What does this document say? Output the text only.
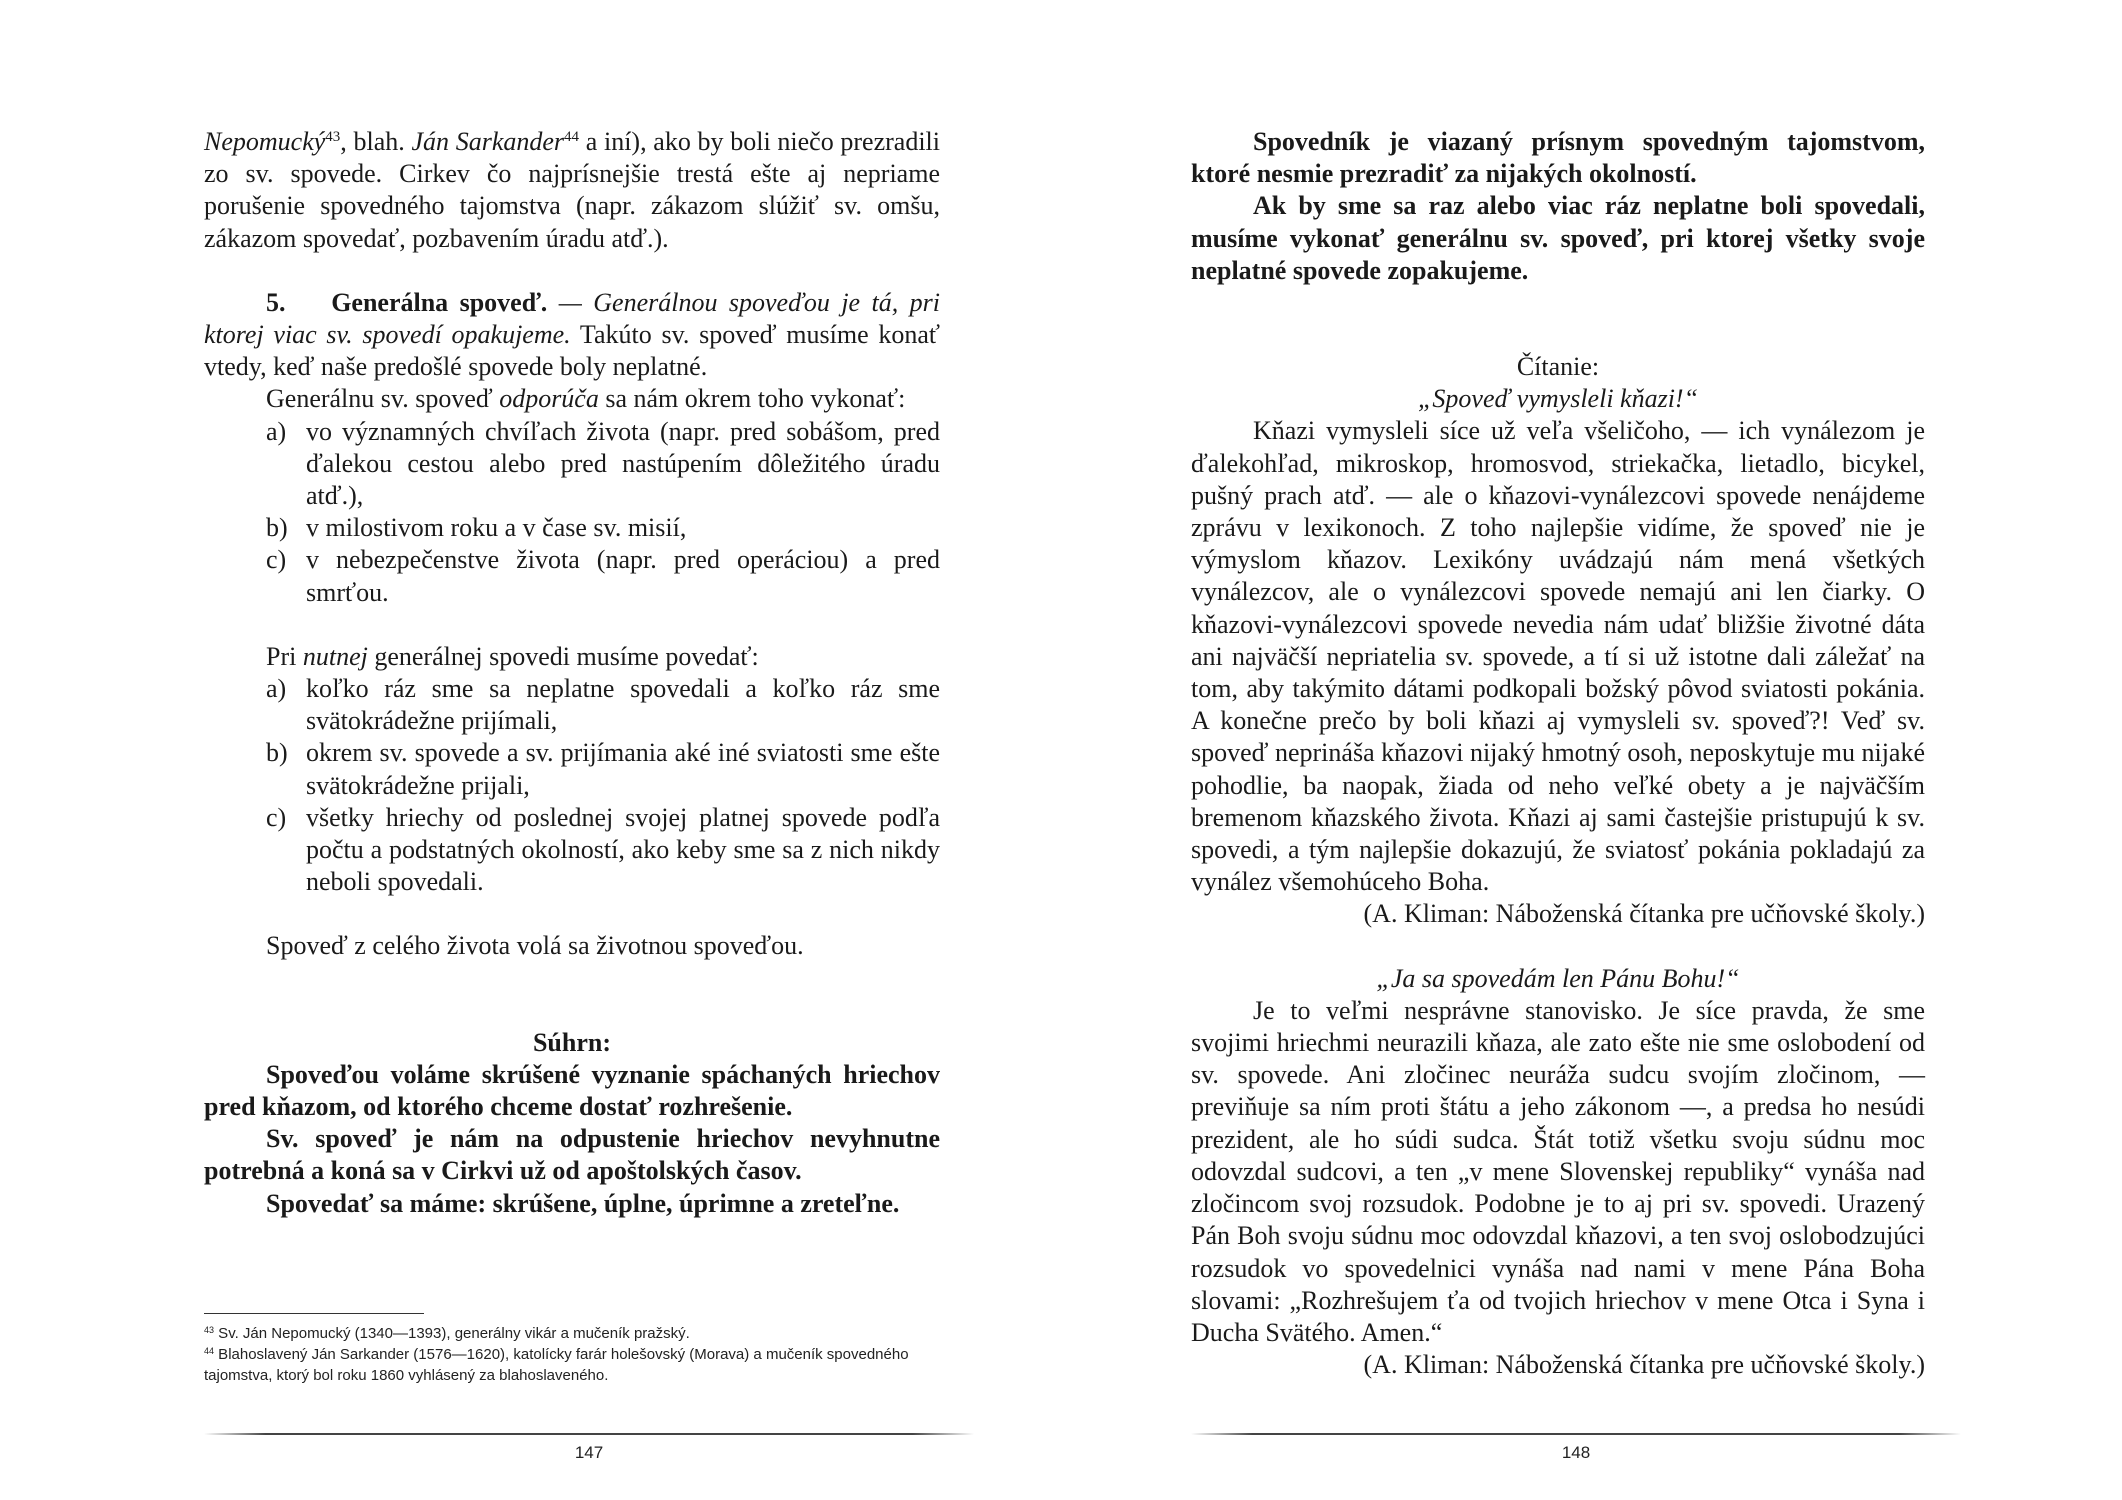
Nepomucký$^{43}$, blah. Ján Sarkander$^{44}$ a iní), ako by boli niečo prezradili zo sv. spovede. Cirkev čo najprísnejšie trestá ešte aj nepriame porušenie spovedného tajomstva (napr. zákazom slúžiť sv. omšu, zákazom spovedať, pozbavením úradu atď.).

5. Generálna spoveď. — Generálnou spoveďou je tá, pri ktorej viac sv. spovedí opakujeme. Takúto sv. spoveď musíme konať vtedy, keď naše predošlé spovede boly neplatné.

Generálnu sv. spoveď odporúča sa nám okrem toho vykonať:

a) vo významných chvíľach života (napr. pred sobášom, pred ďalekou cestou alebo pred nastúpením dôležitého úradu atď.),
b) v milostivom roku a v čase sv. misií,
c) v nebezpečenstve života (napr. pred operáciou) a pred smrťou.

Pri nutnej generálnej spovedi musíme povedať:

a) koľko ráz sme sa neplatne spovedali a koľko ráz sme svätokrádežne prijímali,
b) okrem sv. spovede a sv. prijímania aké iné sviatosti sme ešte svätokrádežne prijali,
c) všetky hriechy od poslednej svojej platnej spovede podľa počtu a podstatných okolností, ako keby sme sa z nich nikdy neboli spovedali.

Spoveď z celého života volá sa životnou spoveďou.

Súhrn:

Spoveďou voláme skrúšené vyznanie spáchaných hriechov pred kňazom, od ktorého chceme dostať rozhrešenie.

Sv. spoveď je nám na odpustenie hriechov nevyhnutne potrebná a koná sa v Cirkvi už od apoštolských časov.

Spovedať sa máme: skrúšene, úplne, úprimne a zreteľne.

$^{43}$ Sv. Ján Nepomucký (1340—1393), generálny vikár a mučeník pražský.

$^{44}$ Blahoslavený Ján Sarkander (1576—1620), katolícky farár holešovský (Morava) a mučeník spovedného tajomstva, ktorý bol roku 1860 vyhlásený za blahoslaveného.

147

Spovedník je viazaný prísnym spovedným tajomstvom, ktoré nesmie prezradiť za nijakých okolností.

Ak by sme sa raz alebo viac ráz neplatne boli spovedali, musíme vykonať generálnu sv. spoveď, pri ktorej všetky svoje neplatné spovede zopakujeme.

Čítanie:

„Spoveď vymysleli kňazi!“

Kňazi vymysleli síce už veľa všeličoho, — ich vynálezom je ďalekohľad, mikroskop, hromosvod, striekačka, lietadlo, bicykel, pušný prach atď. — ale o kňazovi-vynálezcovi spovede nenájdeme zprávu v lexikonoch. Z toho najlepšie vidíme, že spoveď nie je výmyslom kňazov. Lexikóny uvádzajú nám mená všetkých vynálezcov, ale o vynálezcovi spovede nemajú ani len čiarky. O kňazovi-vynálezcovi spovede nevedia nám udať bližšie životné dáta ani najväčší nepriatelia sv. spovede, a tí si už istotne dali záležať na tom, aby takýmito dátami podkopali božský pôvod sviatosti pokánia. A konečne prečo by boli kňazi aj vymysleli sv. spoveď?! Veď sv. spoveď neprináša kňazovi nijaký hmotný osoh, neposkytuje mu nijaké pohodlie, ba naopak, žiada od neho veľké obety a je najväčším bremenom kňazského života. Kňazi aj sami častejšie pristupujú k sv. spovedi, a tým najlepšie dokazujú, že sviatosť pokánia pokladajú za vynález všemohúceho Boha.

(A. Kliman: Náboženská čítanka pre učňovské školy.)

„Ja sa spovedám len Pánu Bohu!“

Je to veľmi nesprávne stanovisko. Je síce pravda, že sme svojimi hriechmi neurazili kňaza, ale zato ešte nie sme oslobodení od sv. spovede. Ani zločinec neuráža sudcu svojím zločinom, — previňuje sa ním proti štátu a jeho zákonom —, a predsa ho nesúdi prezident, ale ho súdi sudca. Štát totiž všetku svoju súdnu moc odovzdal sudcovi, a ten „v mene Slovenskej republiky“ vynáša nad zločincom svoj rozsudok. Podobne je to aj pri sv. spovedi. Urazený Pán Boh svoju súdnu moc odovzdal kňazovi, a ten svoj oslobodzujúci rozsudok vo spovedelnici vynáša nad nami v mene Pána Boha slovami: „Rozhrešujem ťa od tvojich hriechov v mene Otca i Syna i Ducha Svätého. Amen.“

(A. Kliman: Náboženská čítanka pre učňovské školy.)

148
